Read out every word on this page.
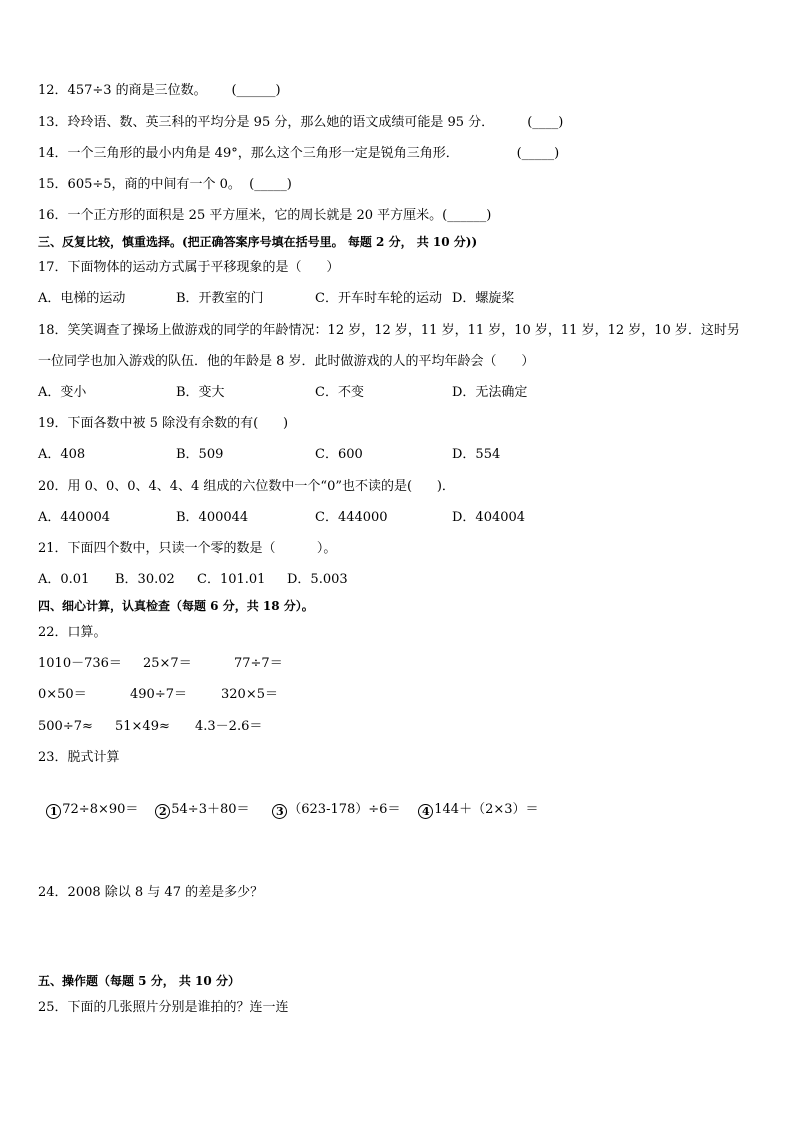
12．457÷3 的商是三位数。      (______)
13．玲玲语、数、英三科的平均分是 95 分，那么她的语文成绩可能是 95 分．        (____)
14．一个三角形的最小内角是 49°，那么这个三角形一定是锐角三角形．              (_____)
15．605÷5，商的中间有一个 0。  (_____)
16．一个正方形的面积是 25 平方厘米，它的周长就是 20 平方厘米。(______)
三、反复比较，慎重选择。(把正确答案序号填在括号里。 每题 2 分， 共 10 分))
17．下面物体的运动方式属于平移现象的是（      ）
A．电梯的运动	B．开教室的门	C．开车时车轮的运动 D．螺旋桨
18．笑笑调查了操场上做游戏的同学的年龄情况：12 岁，12 岁，11 岁，11 岁，10 岁，11 岁，12 岁，10 岁．这时另
一位同学也加入游戏的队伍．他的年龄是 8 岁．此时做游戏的人的平均年龄会（      ）
A．变小	B．变大	C．不变	D．无法确定
19．下面各数中被 5 除没有余数的有(      )
A．408	B．509	C．600	D．554
20．用 0、0、0、4、4、4 组成的六位数中一个“0”也不读的是(      )．
A．440004	B．400044	C．444000	D．404004
21．下面四个数中，只读一个零的数是（          ）。
A．0.01 B．30.02 C．101.01 D．5.003
四、细心计算，认真检查（每题 6 分，共 18 分）。
22．口算。
1010－736＝ 25×7＝	77÷7＝
0×50＝	490÷7＝	320×5＝
500÷7≈ 51×49≈ 4.3－2.6＝
23．脱式计算

1 72÷8×90＝	2 54÷3＋80＝	3 （623-178）÷6＝	4 144＋（2×3）＝

24．2008 除以 8 与 47 的差是多少？
五、操作题（每题 5 分， 共 10 分）
25．下面的几张照片分别是谁拍的？连一连
